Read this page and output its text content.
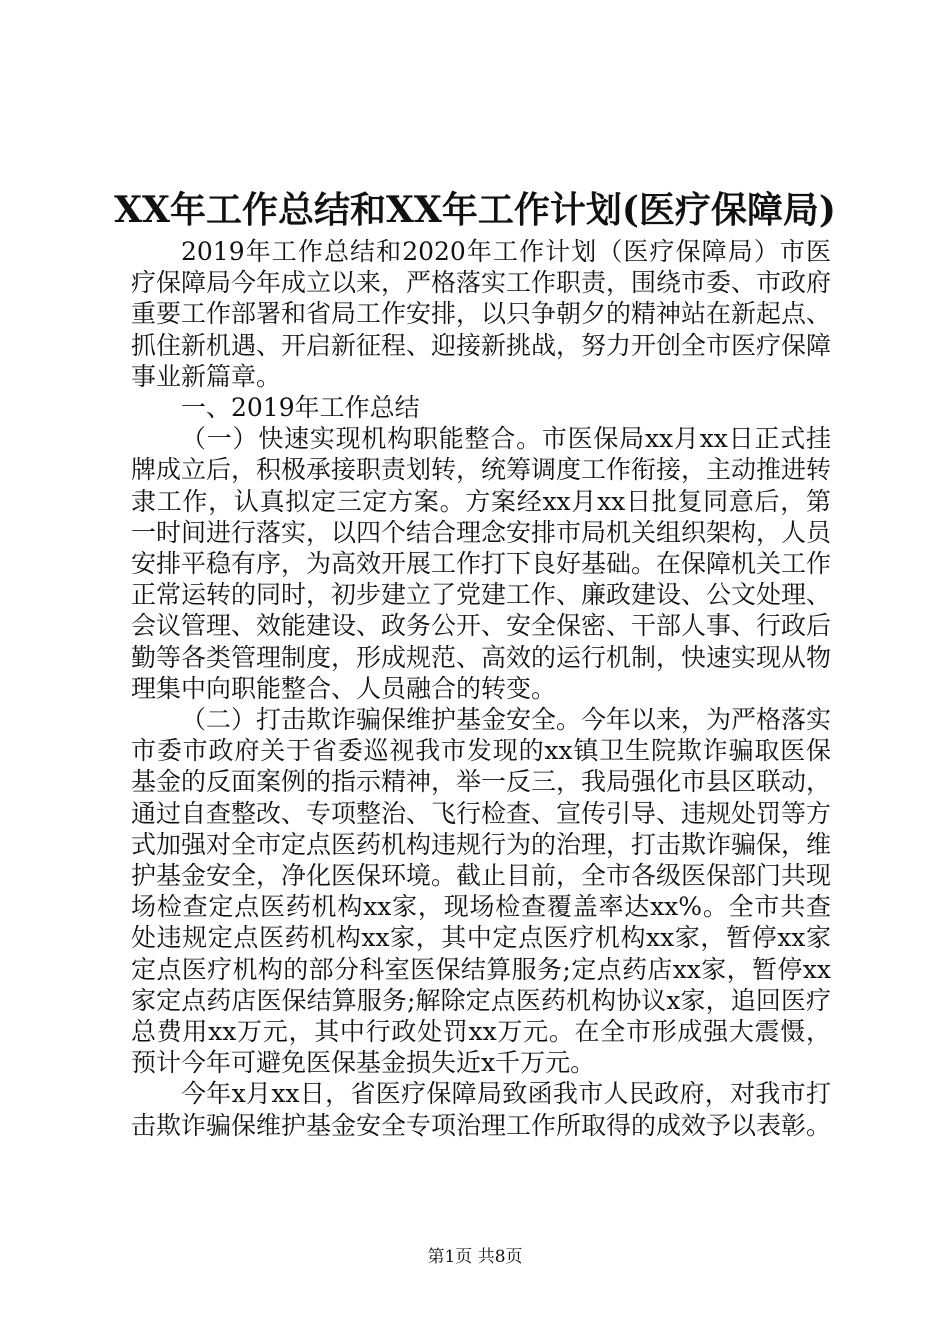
XX年工作总结和XX年工作计划(医疗保障局)

2019年工作总结和2020年工作计划（医疗保障局）市医疗保障局今年成立以来，严格落实工作职责，围绕市委、市政府重要工作部署和省局工作安排，以只争朝夕的精神站在新起点、抓住新机遇、开启新征程、迎接新挑战，努力开创全市医疗保障事业新篇章。

一、2019年工作总结

（一）快速实现机构职能整合。市医保局xx月xx日正式挂牌成立后，积极承接职责划转，统筹调度工作衔接，主动推进转隶工作，认真拟定三定方案。方案经xx月xx日批复同意后，第一时间进行落实，以四个结合理念安排市局机关组织架构，人员安排平稳有序，为高效开展工作打下良好基础。在保障机关工作正常运转的同时，初步建立了党建工作、廉政建设、公文处理、会议管理、效能建设、政务公开、安全保密、干部人事、行政后勤等各类管理制度，形成规范、高效的运行机制，快速实现从物理集中向职能整合、人员融合的转变。

（二）打击欺诈骗保维护基金安全。今年以来，为严格落实市委市政府关于省委巡视我市发现的xx镇卫生院欺诈骗取医保基金的反面案例的指示精神，举一反三，我局强化市县区联动，通过自查整改、专项整治、飞行检查、宣传引导、违规处罚等方式加强对全市定点医药机构违规行为的治理，打击欺诈骗保，维护基金安全，净化医保环境。截止目前，全市各级医保部门共现场检查定点医药机构xx家，现场检查覆盖率达xx%。全市共查处违规定点医药机构xx家，其中定点医疗机构xx家，暂停xx家定点医疗机构的部分科室医保结算服务;定点药店xx家，暂停xx家定点药店医保结算服务;解除定点医药机构协议x家，追回医疗总费用xx万元，其中行政处罚xx万元。在全市形成强大震慑，预计今年可避免医保基金损失近x千万元。

今年x月xx日，省医疗保障局致函我市人民政府，对我市打击欺诈骗保维护基金安全专项治理工作所取得的成效予以表彰。

第1页 共8页
